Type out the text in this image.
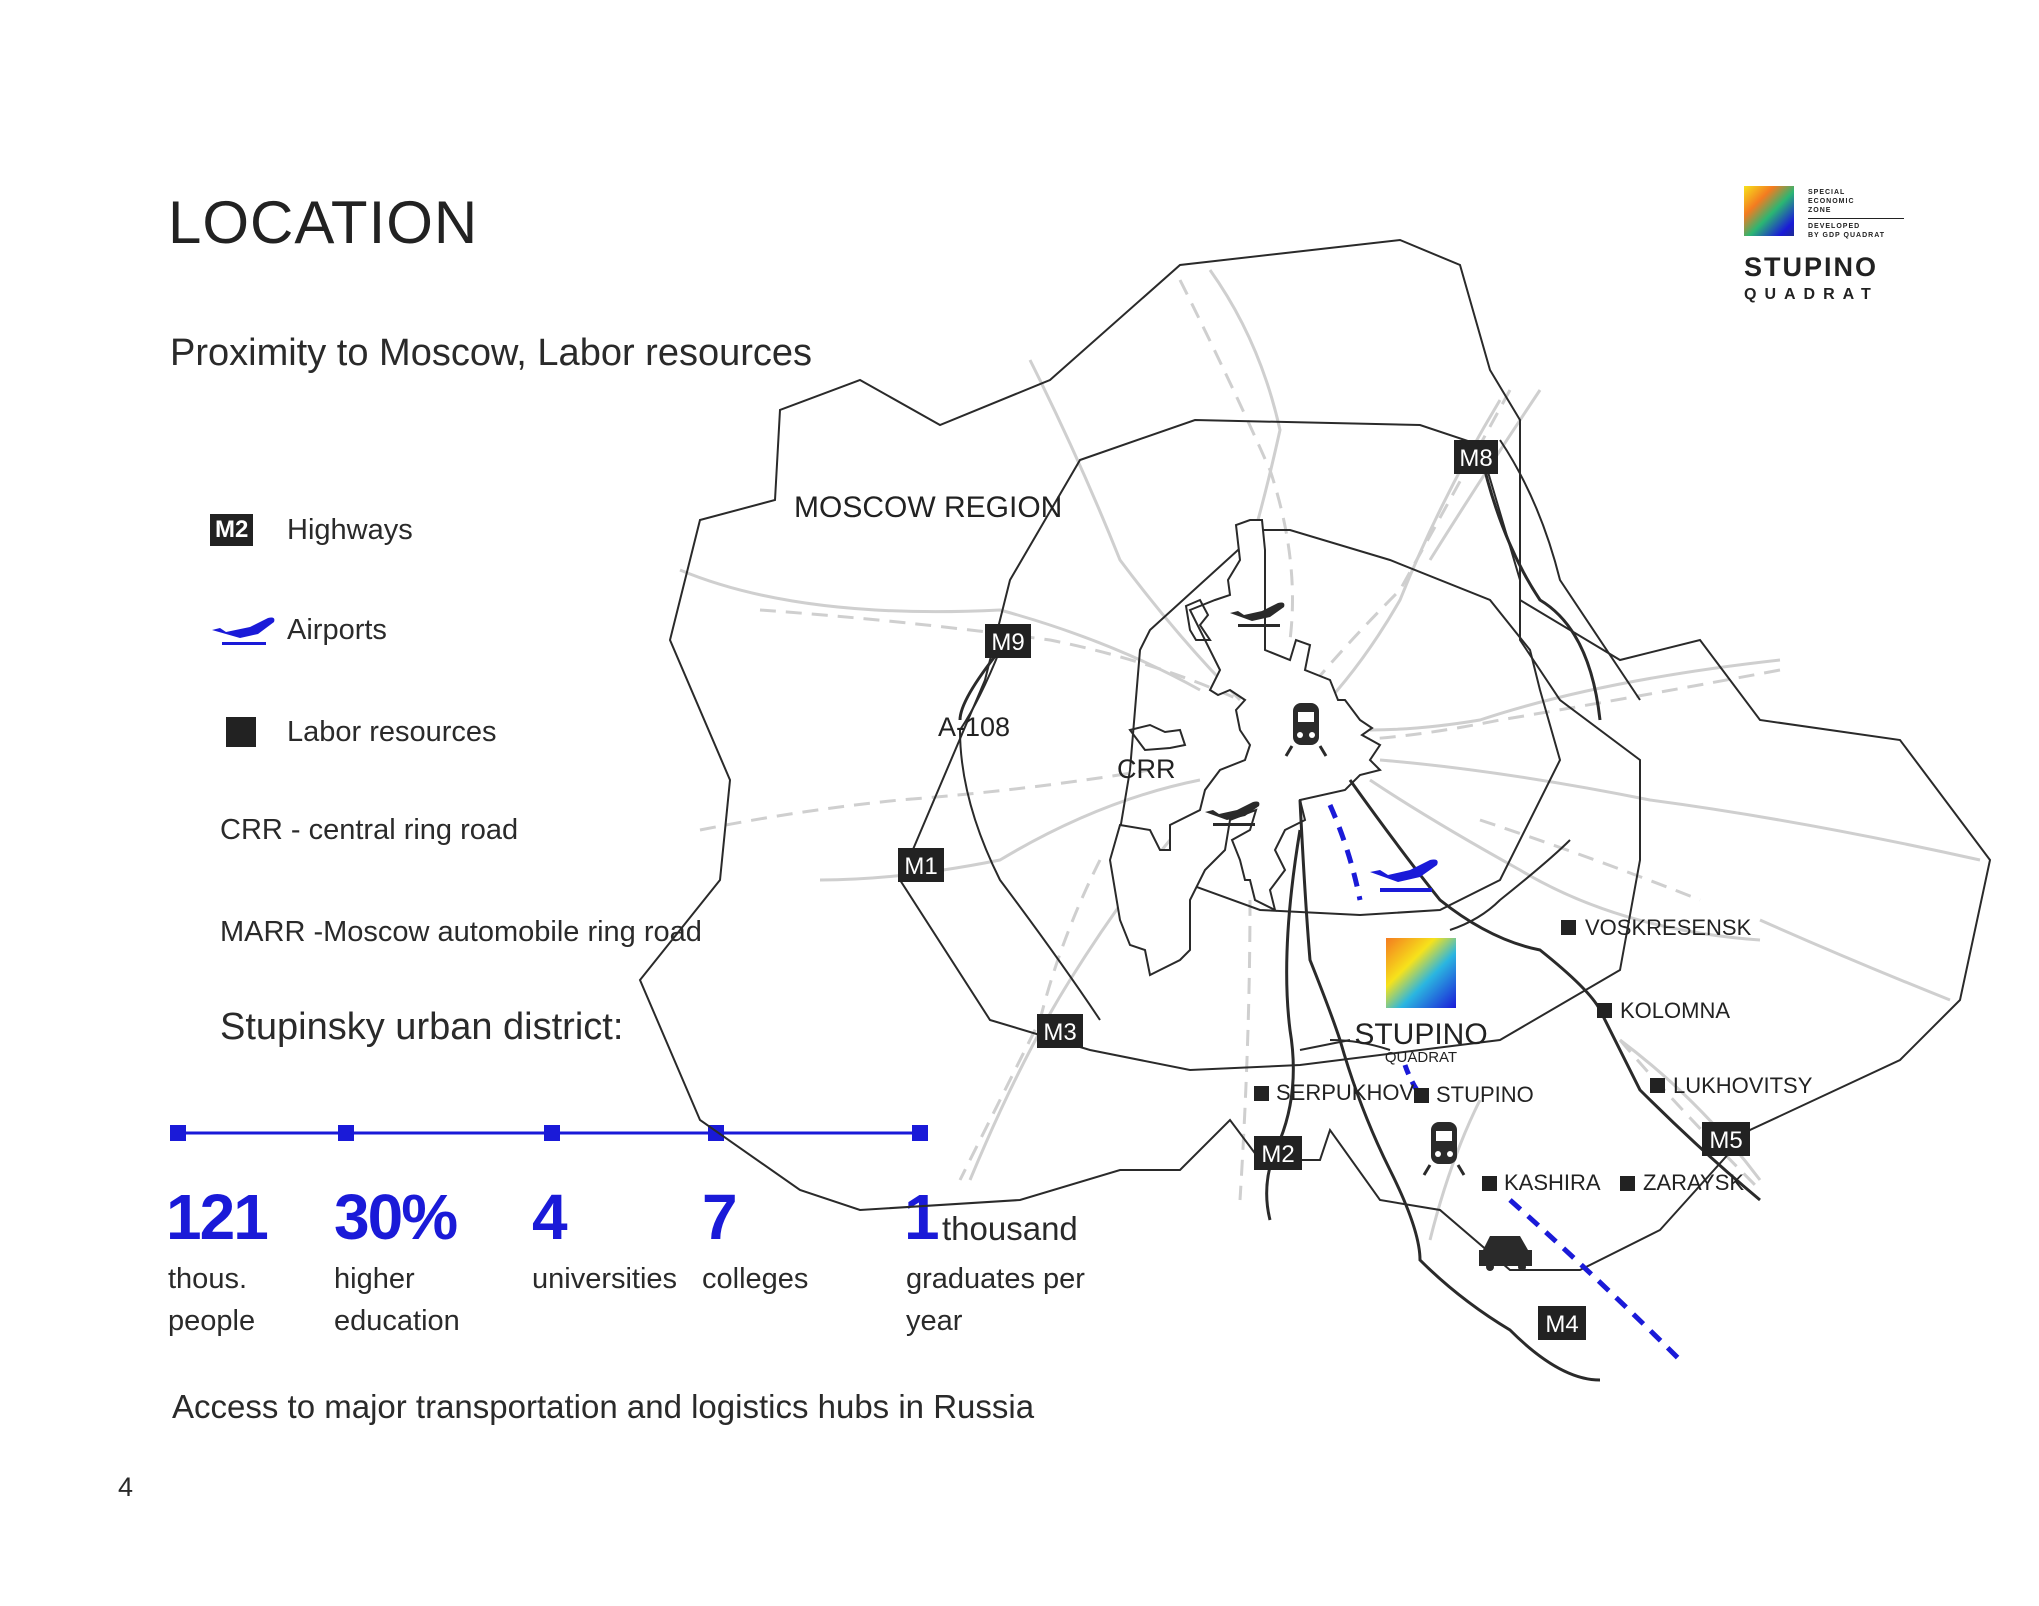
LOCATION
Proximity to Moscow, Labor resources
SPECIAL
ECONOMIC
ZONE
DEVELOPED
BY GDP QUADRAT
STUPINO
QUADRAT
M2 Highways
Airports
Labor resources
CRR - central ring road
MARR -Moscow automobile ring road
Stupinsky urban district:
121 30% 4 7	1 thousand
thous.
people
higher
education
universities colleges	graduates per
year
Access to major transportation and logistics hubs in Russia
4
STUPINO
QUADRAT
MOSCOW REGION
A-108
CRR
M8
M9
M1
M3
M2
M4
M5
VOSKRESENSK
KOLOMNA
LUKHOVITSY
SERPUKHOV STUPINO
KASHIRA ZARAYSK
